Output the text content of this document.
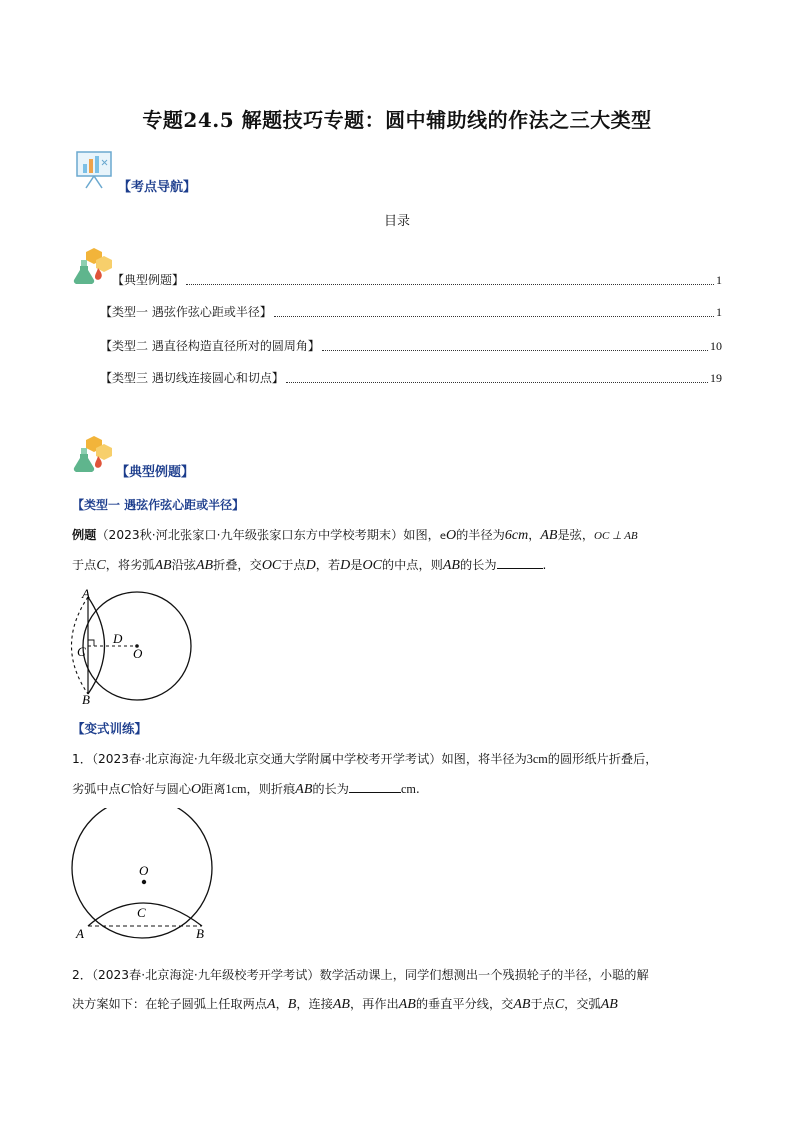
专题24.5 解题技巧专题：圆中辅助线的作法之三大类型
【考点导航】
目录
【典型例题】	1
【类型一 遇弦作弦心距或半径】	1
【类型二 遇直径构造直径所对的圆周角】	10
【类型三 遇切线连接圆心和切点】	19
【典型例题】
【类型一 遇弦作弦心距或半径】
例题（2023秋·河北张家口·九年级张家口东方中学校考期末）如图，eO的半径为6cm，AB是弦，OC ⊥ AB
于点C，将劣弧AB沿弦AB折叠，交OC于点D，若D是OC的中点，则AB的长为	.
A
C
D
O
B
【变式训练】
1．（2023春·北京海淀·九年级北京交通大学附属中学校考开学考试）如图，将半径为3cm的圆形纸片折叠后，
劣弧中点C恰好与圆心O距离1cm，则折痕AB的长为	cm.
O
C
A	B
2．（2023春·北京海淀·九年级校考开学考试）数学活动课上，同学们想测出一个残损轮子的半径，小聪的解
决方案如下：在轮子圆弧上任取两点A，B，连接AB，再作出AB的垂直平分线，交AB于点C，交弧AB
